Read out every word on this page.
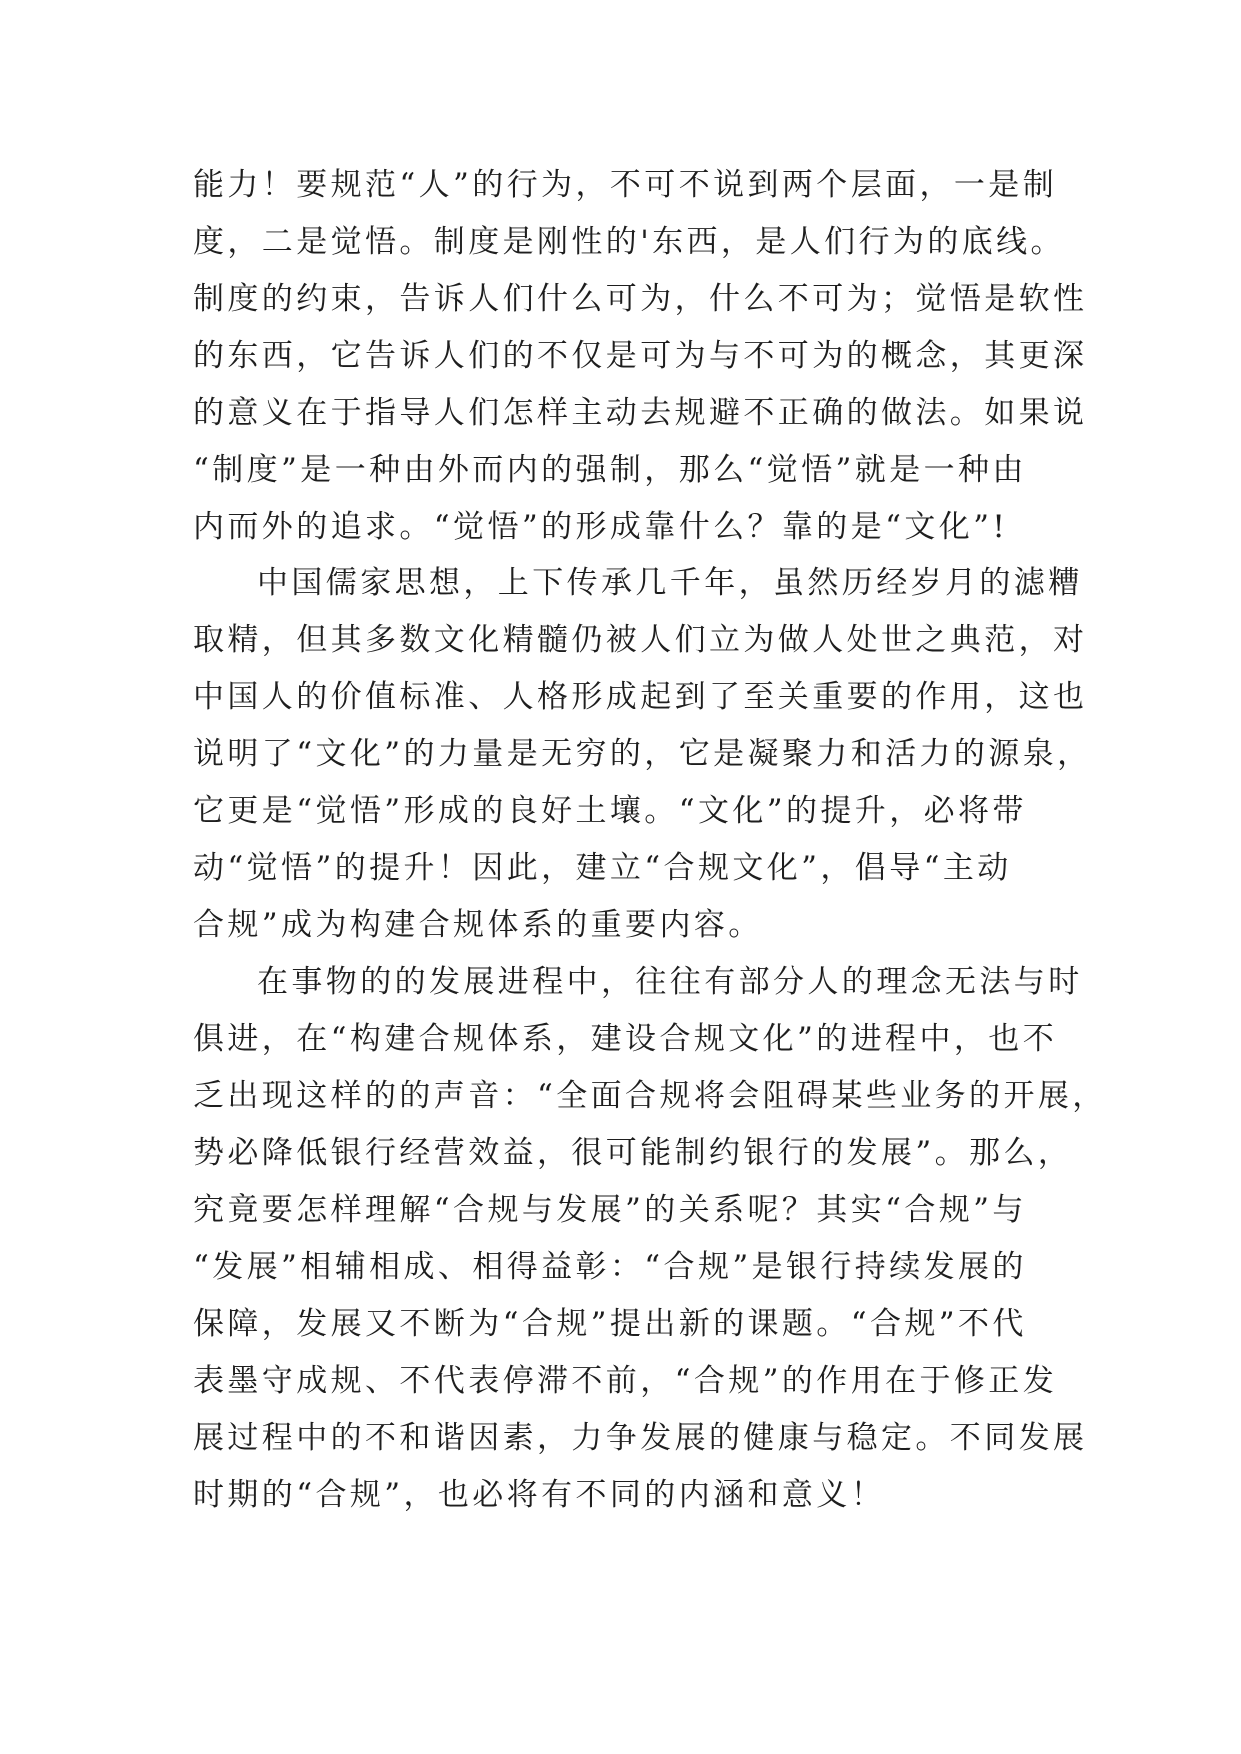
能力！要规范“人”的行为，不可不说到两个层面，一是制
度，二是觉悟。制度是刚性的'东西，是人们行为的底线。
制度的约束，告诉人们什么可为，什么不可为；觉悟是软性
的东西，它告诉人们的不仅是可为与不可为的概念，其更深
的意义在于指导人们怎样主动去规避不正确的做法。如果说
“制度”是一种由外而内的强制，那么“觉悟”就是一种由
内而外的追求。“觉悟”的形成靠什么？靠的是“文化”!
中国儒家思想，上下传承几千年，虽然历经岁月的滤糟
取精，但其多数文化精髓仍被人们立为做人处世之典范，对
中国人的价值标准、人格形成起到了至关重要的作用，这也
说明了“文化”的力量是无穷的，它是凝聚力和活力的源泉，
它更是“觉悟”形成的良好土壤。“文化”的提升，必将带
动“觉悟”的提升！因此，建立“合规文化”，倡导“主动
合规”成为构建合规体系的重要内容。
在事物的的发展进程中，往往有部分人的理念无法与时
俱进，在“构建合规体系，建设合规文化”的进程中，也不
乏出现这样的的声音：“全面合规将会阻碍某些业务的开展，
势必降低银行经营效益，很可能制约银行的发展”。那么，
究竟要怎样理解“合规与发展”的关系呢？其实“合规”与
“发展”相辅相成、相得益彰：“合规”是银行持续发展的
保障，发展又不断为“合规”提出新的课题。“合规”不代
表墨守成规、不代表停滞不前，“合规”的作用在于修正发
展过程中的不和谐因素，力争发展的健康与稳定。不同发展
时期的“合规”，也必将有不同的内涵和意义！
